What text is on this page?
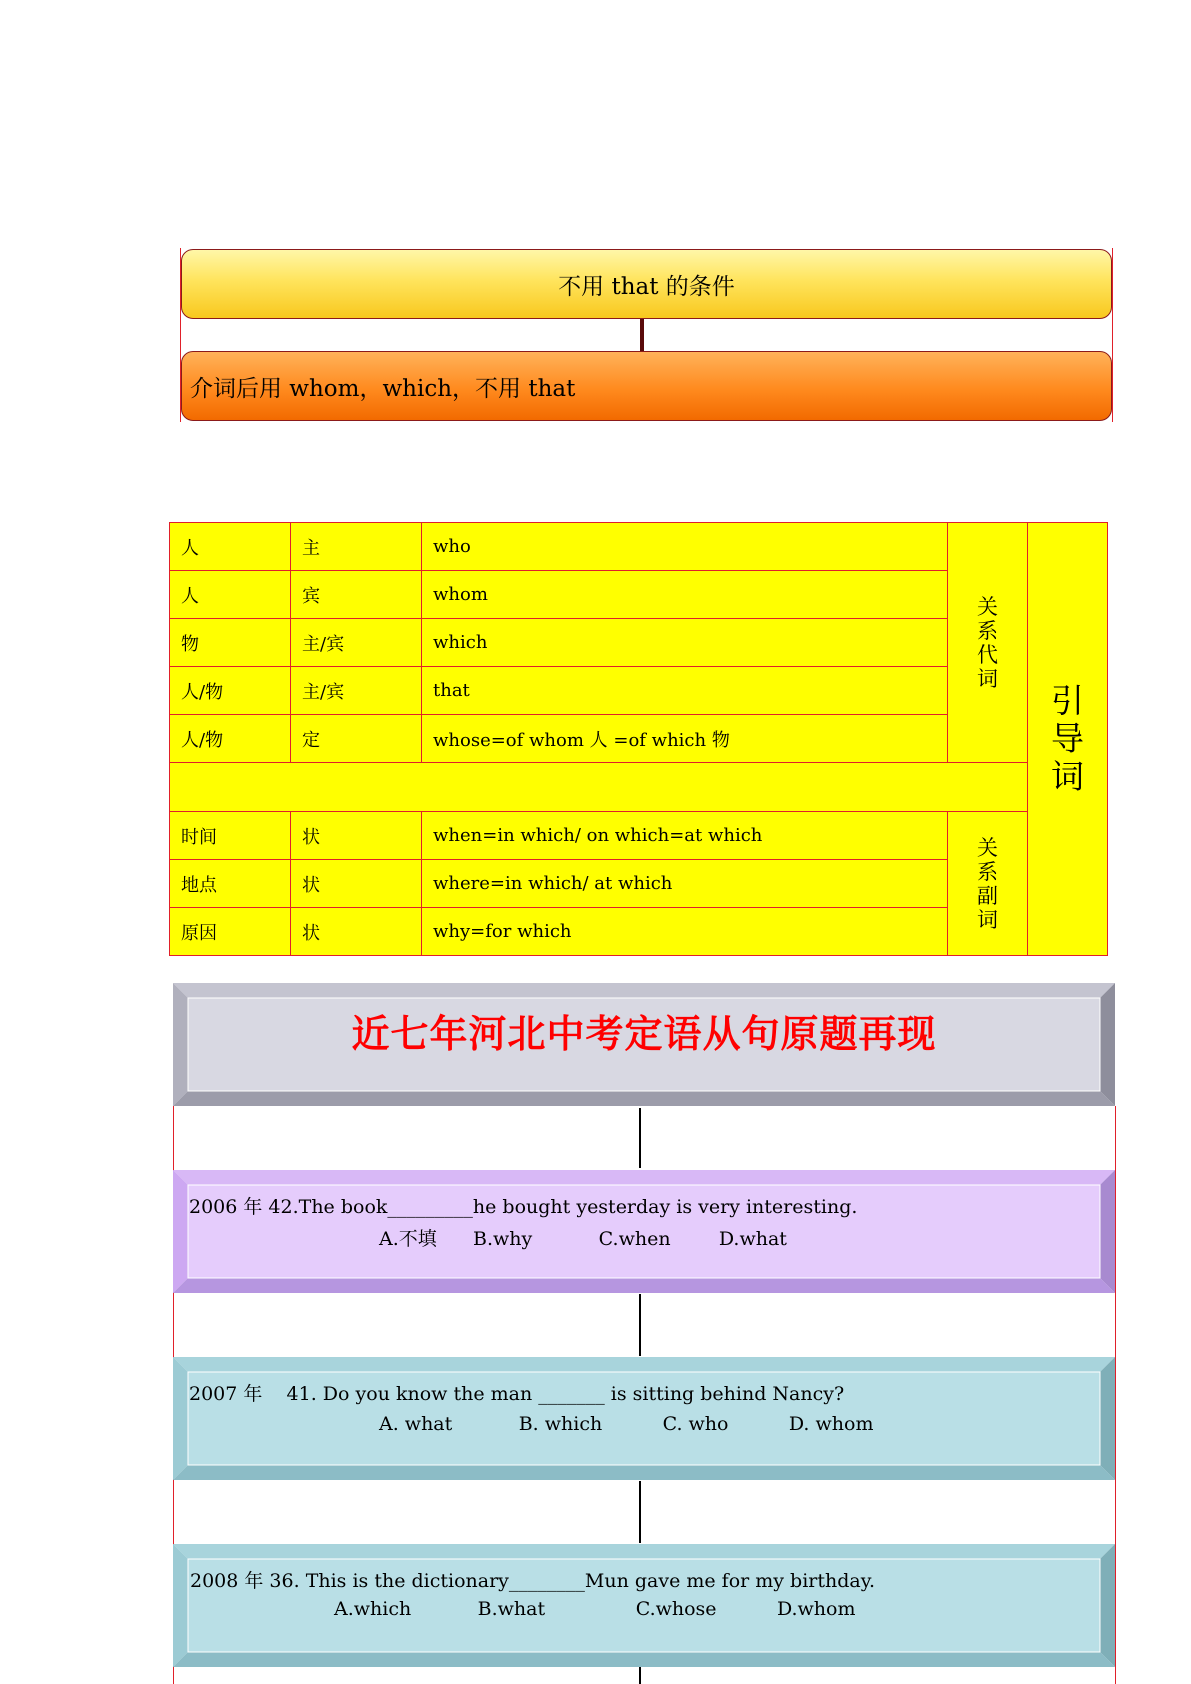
不用 that 的条件
介词后用 whom，which，不用 that
人	主	who	关系代词	引导词
人	宾	whom		
物	主/宾	which		
人/物	主/宾	that		
人/物	定	whose=of whom 人 =of which 物		

时间	状	when=in which/ on which=at which	关系副词	
地点	状	where=in which/ at which		
原因	状	why=for which		
近七年河北中考定语从句原题再现
2006 年 42.The book_________he bought yesterday is very interesting.
A.不填      B.why           C.when        D.what
2007 年    41. Do you know the man _______ is sitting behind Nancy?
A. what           B. which          C. who          D. whom
2008 年 36. This is the dictionary________Mun gave me for my birthday.
A.which           B.what               C.whose          D.whom
